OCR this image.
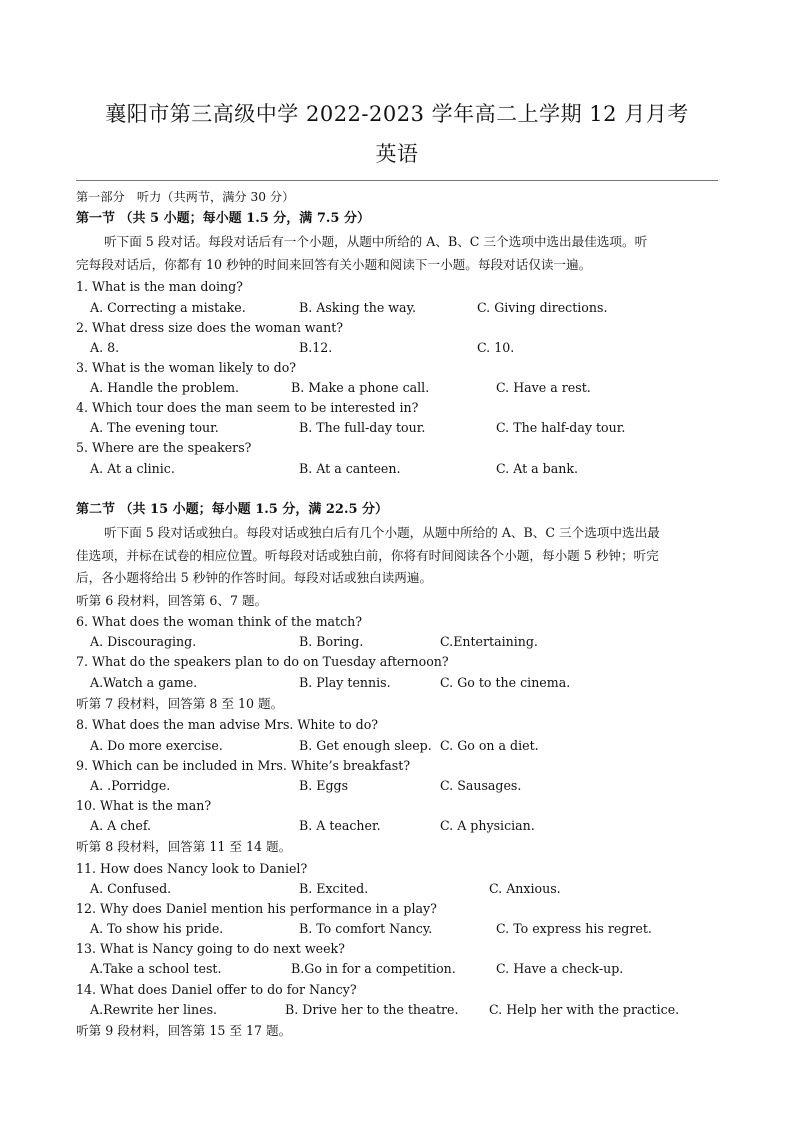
襄阳市第三高级中学 2022-2023 学年高二上学期 12 月月考
英语
第一部分　听力（共两节，满分 30 分）
第一节 （共 5 小题；每小题 1.5 分，满 7.5 分）
听下面 5 段对话。每段对话后有一个小题，从题中所给的 A、B、C 三个选项中选出最佳选项。听
完每段对话后，你都有 10 秒钟的时间来回答有关小题和阅读下一小题。每段对话仅读一遍。
1. What is the man doing?
A. Correcting a mistake.	B. Asking the way.	C. Giving directions.
2. What dress size does the woman want?
A. 8.	B.12.	C. 10.
3. What is the woman likely to do?
A. Handle the problem.	B. Make a phone call.	C. Have a rest.
4. Which tour does the man seem to be interested in?
A. The evening tour.	B. The full-day tour.	C. The half-day tour.
5. Where are the speakers?
A. At a clinic.	B. At a canteen.	C. At a bank.
第二节 （共 15 小题；每小题 1.5 分，满 22.5 分）
听下面 5 段对话或独白。每段对话或独白后有几个小题，从题中所给的 A、B、C 三个选项中选出最
佳选项，并标在试卷的相应位置。听每段对话或独白前，你将有时间阅读各个小题，每小题 5 秒钟；听完
后，各小题将给出 5 秒钟的作答时间。每段对话或独白读两遍。
听第 6 段材料，回答第 6、7 题。
6. What does the woman think of the match?
A. Discouraging.	B. Boring.	C.Entertaining.
7. What do the speakers plan to do on Tuesday afternoon?
A.Watch a game.	B. Play tennis.	C. Go to the cinema.
听第 7 段材料，回答第 8 至 10 题。
8. What does the man advise Mrs. White to do?
A. Do more exercise.	B. Get enough sleep. C. Go on a diet.
9. Which can be included in Mrs. White’s breakfast?
A. .Porridge.	B. Eggs	C. Sausages.
10. What is the man?
A. A chef.	B. A teacher.	C. A physician.
听第 8 段材料，回答第 11 至 14 题。
11. How does Nancy look to Daniel?
A. Confused.	B. Excited.	C. Anxious.
12. Why does Daniel mention his performance in a play?
A. To show his pride.	B. To comfort Nancy.	C. To express his regret.
13. What is Nancy going to do next week?
A.Take a school test.	B.Go in for a competition.	C. Have a check-up.
14. What does Daniel offer to do for Nancy?
A.Rewrite her lines.	B. Drive her to the theatre. C. Help her with the practice.
听第 9 段材料，回答第 15 至 17 题。
